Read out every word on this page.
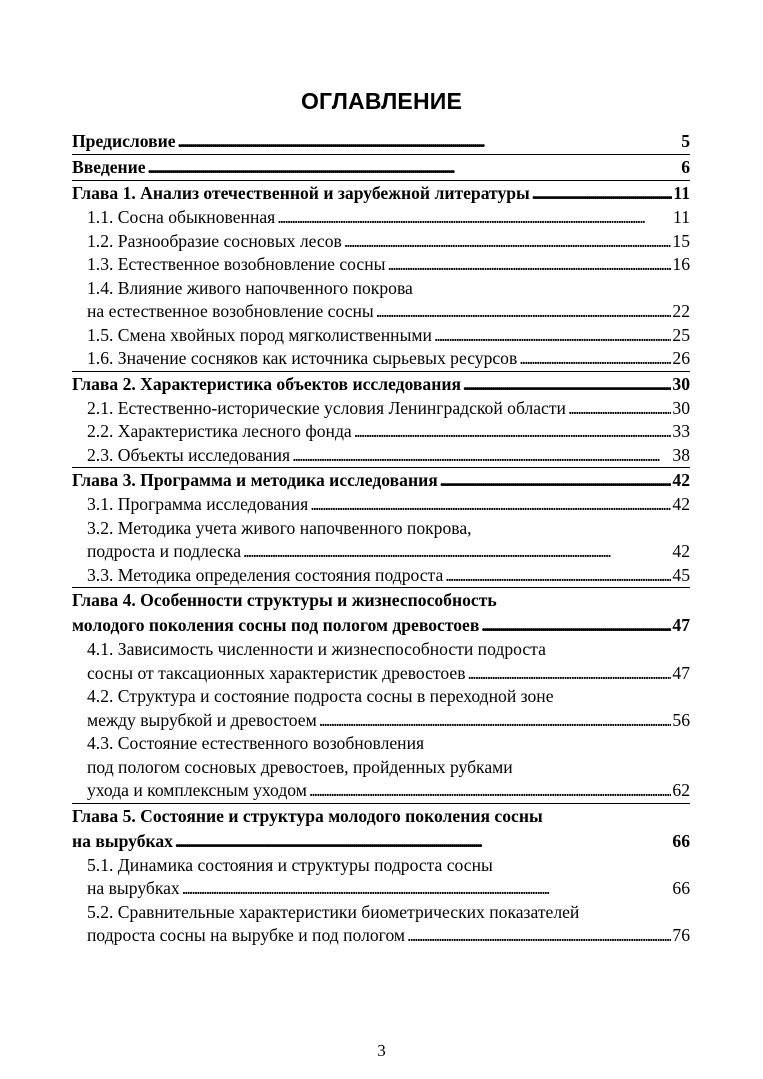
ОГЛАВЛЕНИЕ
Предисловие . . .	5
Введение . . .	6
Глава 1. Анализ отечественной и зарубежной литературы . . .	11
1.1. Сосна обыкновенная . . .	11
1.2. Разнообразие сосновых лесов . . .	15
1.3. Естественное возобновление сосны . . .	16
1.4. Влияние живого напочвенного покрова
на естественное возобновление сосны . . .	22
1.5. Смена хвойных пород мягколиственными . . .	25
1.6. Значение сосняков как источника сырьевых ресурсов . . .	26
Глава 2. Характеристика объектов исследования . . .	30
2.1. Естественно-исторические условия Ленинградской области . . .	30
2.2. Характеристика лесного фонда . . .	33
2.3. Объекты исследования . . .	38
Глава 3. Программа и методика исследования . . .	42
3.1. Программа исследования . . .	42
3.2. Методика учета живого напочвенного покрова,
подроста и подлеска . . .	42
3.3. Методика определения состояния подроста . . .	45
Глава 4. Особенности структуры и жизнеспособность
молодого поколения сосны под пологом древостоев . . .	47
4.1. Зависимость численности и жизнеспособности подроста
сосны от таксационных характеристик древостоев . . .	47
4.2. Структура и состояние подроста сосны в переходной зоне
между вырубкой и древостоем . . .	56
4.3. Состояние естественного возобновления
под пологом сосновых древостоев, пройденных рубками
ухода и комплексным уходом . . .	62
Глава 5. Состояние и структура молодого поколения сосны
на вырубках . . .	66
5.1. Динамика состояния и структуры подроста сосны
на вырубках . . .	66
5.2. Сравнительные характеристики биометрических показателей
подроста сосны на вырубке и под пологом . . .	76
3
